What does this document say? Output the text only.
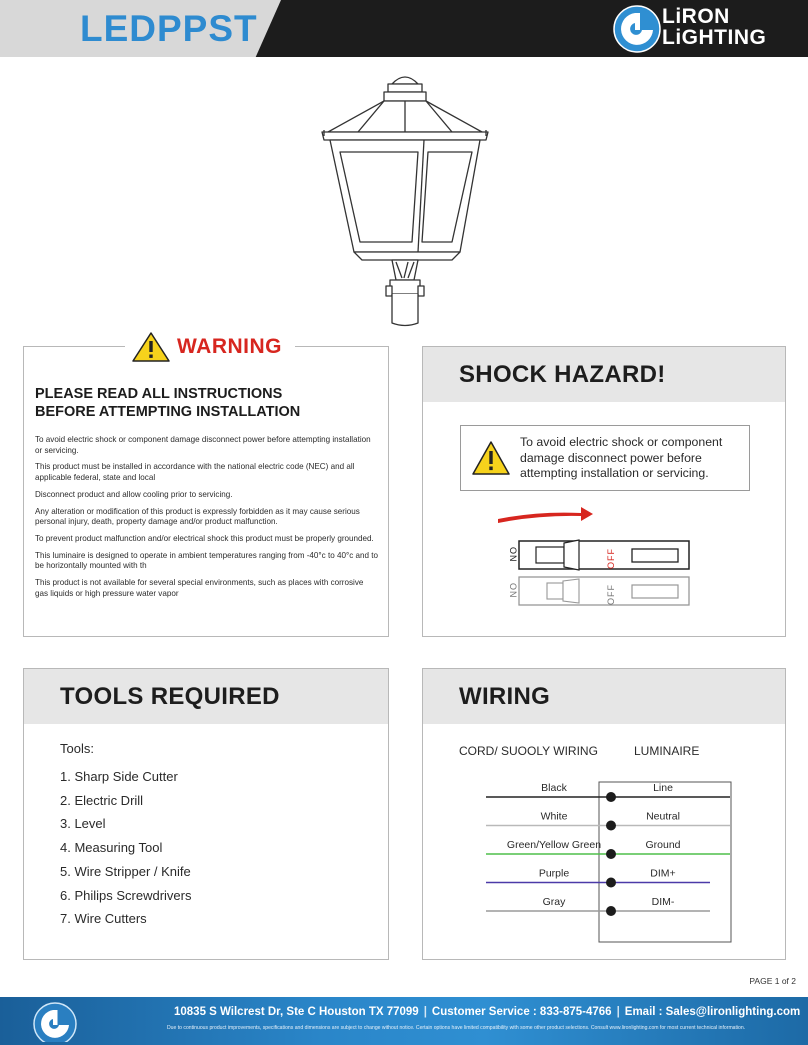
LEDPPST	LiRON
LiGHTING
WARNING
PLEASE READ ALL INSTRUCTIONS
BEFORE ATTEMPTING INSTALLATION

To avoid electric shock or component damage disconnect power before attempting installation or servicing.

This product must be installed in accordance with the national electric code (NEC) and all applicable federal, state and local

Disconnect product and allow cooling prior to servicing.

Any alteration or modification of this product is expressly forbidden as it may cause serious personal injury, death, property damage and/or product malfunction.

To prevent product malfunction and/or electrical shock this product must be properly grounded.

This luminaire is designed to operate in ambient temperatures ranging from -40°c to 40°c and to be horizontally mounted with th

This product is not available for several special environments, such as places with corrosive gas liquids or high pressure water vapor

SHOCK HAZARD!
To avoid electric shock or component damage disconnect power before attempting installation or servicing.
ON	OFF
ON	OFF
TOOLS REQUIRED
Tools:
1. Sharp Side Cutter
2. Electric Drill
3. Level
4. Measuring Tool
5. Wire Stripper / Knife
6. Philips Screwdrivers
7. Wire Cutters
WIRING
CORD/ SUOOLY WIRING	LUMINAIRE
Black	Line
White	Neutral
Green/Yellow Green	Ground
Purple	DIM+
Gray	DIM-
PAGE 1 of 2
10835 S Wilcrest Dr, Ste C Houston TX 77099 | Customer Service : 833-875-4766 | Email : Sales@lironlighting.com
Due to continuous product improvements, specifications and dimensions are subject to change without notice. Certain options have limited compatibility with some other product selections. Consult www.lironlighting.com for most current technical information.
